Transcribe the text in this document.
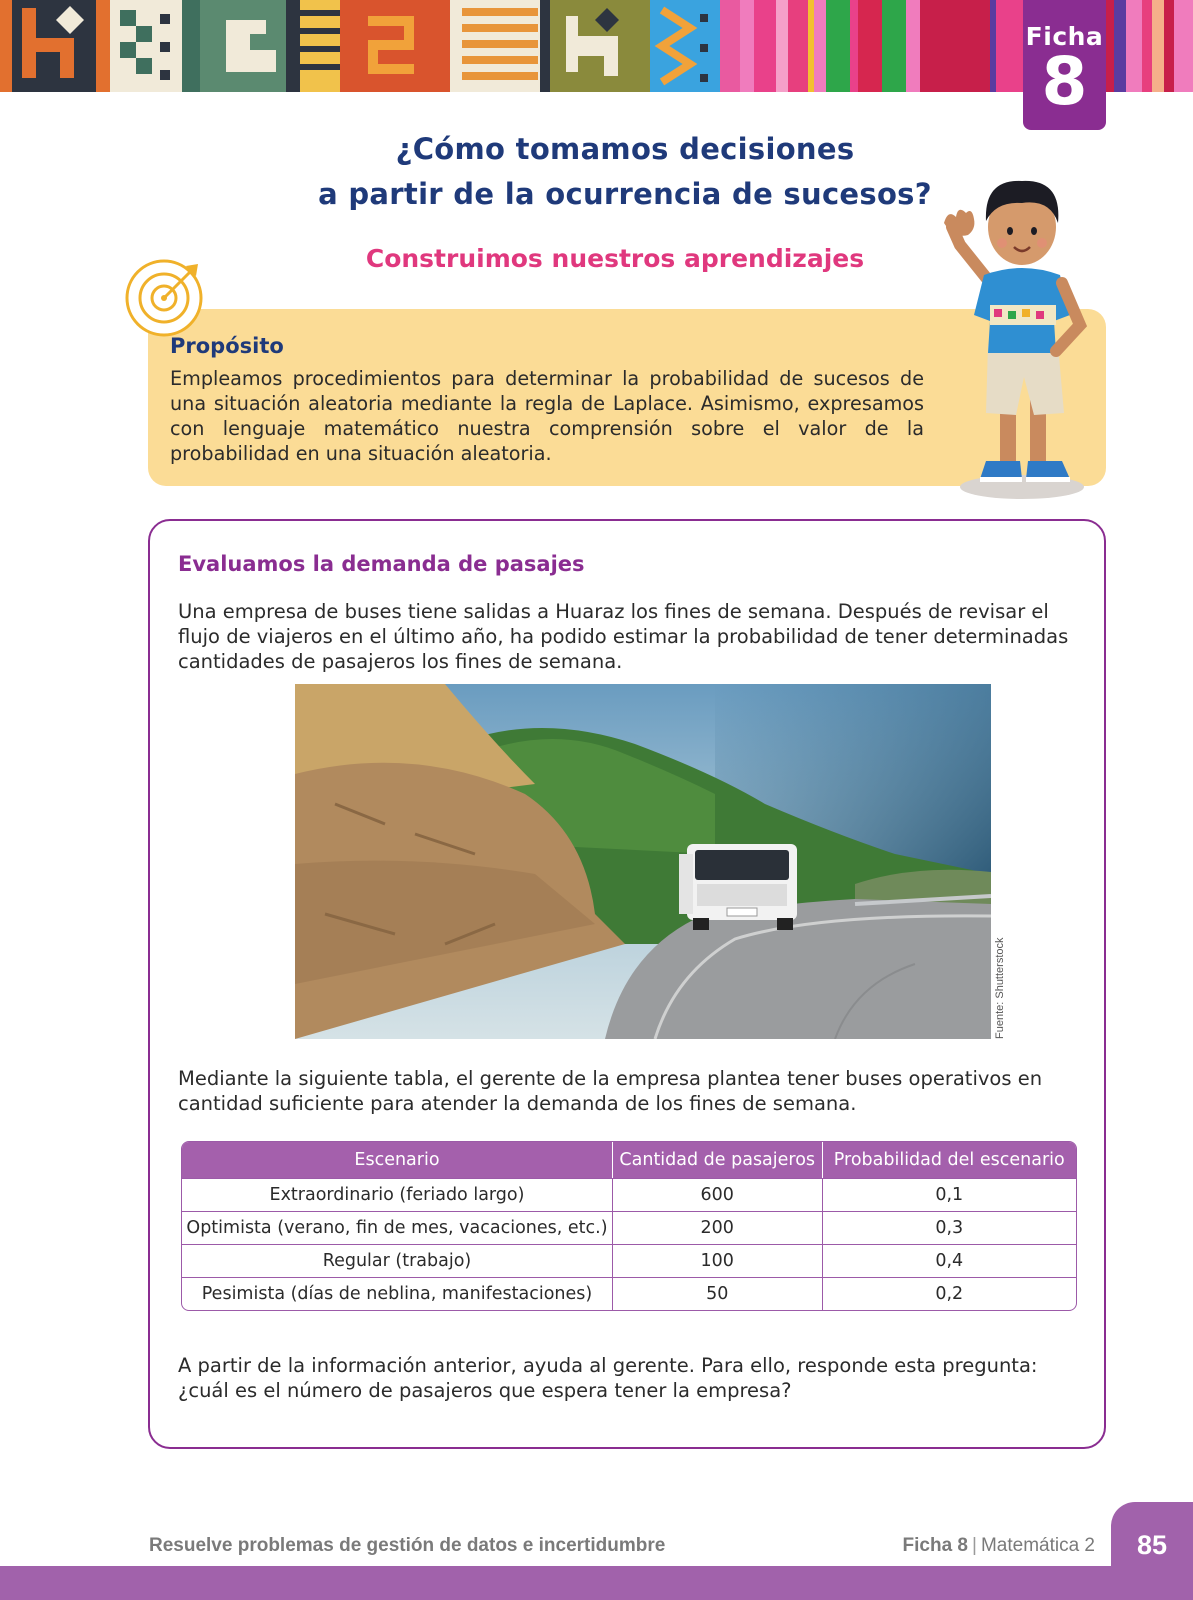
Ficha
8
¿Cómo tomamos decisiones
a partir de la ocurrencia de sucesos?
Construimos nuestros aprendizajes
Propósito
Empleamos procedimientos para determinar la probabilidad de sucesos de una situación aleatoria mediante la regla de Laplace. Asimismo, expresamos con lenguaje matemático nuestra comprensión sobre el valor de la probabilidad en una situación aleatoria.
Evaluamos la demanda de pasajes
Una empresa de buses tiene salidas a Huaraz los fines de semana. Después de revisar el flujo de viajeros en el último año, ha podido estimar la probabilidad de tener determinadas cantidades de pasajeros los fines de semana.
Fuente: Shutterstock
Mediante la siguiente tabla, el gerente de la empresa plantea tener buses operativos en cantidad suficiente para atender la demanda de los fines de semana.
Escenario	Cantidad de pasajeros	Probabilidad del escenario
Extraordinario (feriado largo)	600	0,1
Optimista (verano, fin de mes, vacaciones, etc.)	200	0,3
Regular (trabajo)	100	0,4
Pesimista (días de neblina, manifestaciones)	50	0,2
A partir de la información anterior, ayuda al gerente. Para ello, responde esta pregunta: ¿cuál es el número de pasajeros que espera tener la empresa?
85
Resuelve problemas de gestión de datos e incertidumbre	Ficha 8 | Matemática 2
